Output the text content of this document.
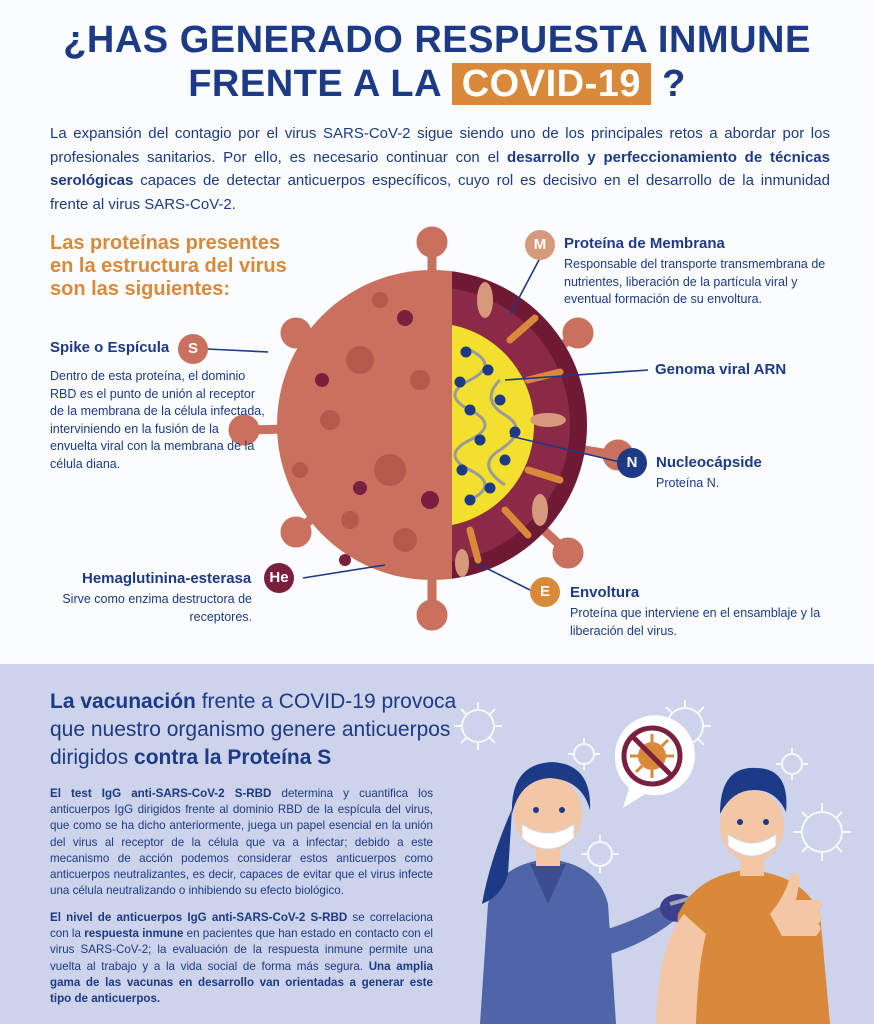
¿HAS GENERADO RESPUESTA INMUNE
FRENTE A LA COVID-19 ?

La expansión del contagio por el virus SARS-CoV-2 sigue siendo uno de los principales retos a abordar por los profesionales sanitarios. Por ello, es necesario continuar con el desarrollo y perfeccionamiento de técnicas serológicas capaces de detectar anticuerpos específicos, cuyo rol es decisivo en el desarrollo de la inmunidad frente al virus SARS-CoV-2.

Las proteínas presentes en la estructura del virus son las siguientes:
Spike o Espícula	S
Dentro de esta proteína, el dominio RBD es el punto de unión al receptor de la membrana de la célula infectada, interviniendo en la fusión de la envuelta viral con la membrana de la célula diana.
M	Proteína de Membrana
Responsable del transporte transmembrana de nutrientes, liberación de la partícula viral y eventual formación de su envoltura.
Genoma viral ARN
N	Nucleocápside
Proteína N.
Hemaglutinina-esterasa	He
Sirve como enzima destructora de receptores.
E	Envoltura
Proteína que interviene en el ensamblaje y la liberación del virus.
La vacunación frente a COVID-19 provoca que nuestro organismo genere anticuerpos dirigidos contra la Proteína S

El test IgG anti-SARS-CoV-2 S-RBD determina y cuantifica los anticuerpos IgG dirigidos frente al dominio RBD de la espícula del virus, que como se ha dicho anteriormente, juega un papel esencial en la unión del virus al receptor de la célula que va a infectar; debido a este mecanismo de acción podemos considerar estos anticuerpos como anticuerpos neutralizantes, es decir, capaces de evitar que el virus infecte una célula neutralizando o inhibiendo su efecto biológico.

El nivel de anticuerpos IgG anti-SARS-CoV-2 S-RBD se correlaciona con la respuesta inmune en pacientes que han estado en contacto con el virus SARS-CoV-2; la evaluación de la respuesta inmune permite una vuelta al trabajo y a la vida social de forma más segura. Una amplia gama de las vacunas en desarrollo van orientadas a generar este tipo de anticuerpos.
